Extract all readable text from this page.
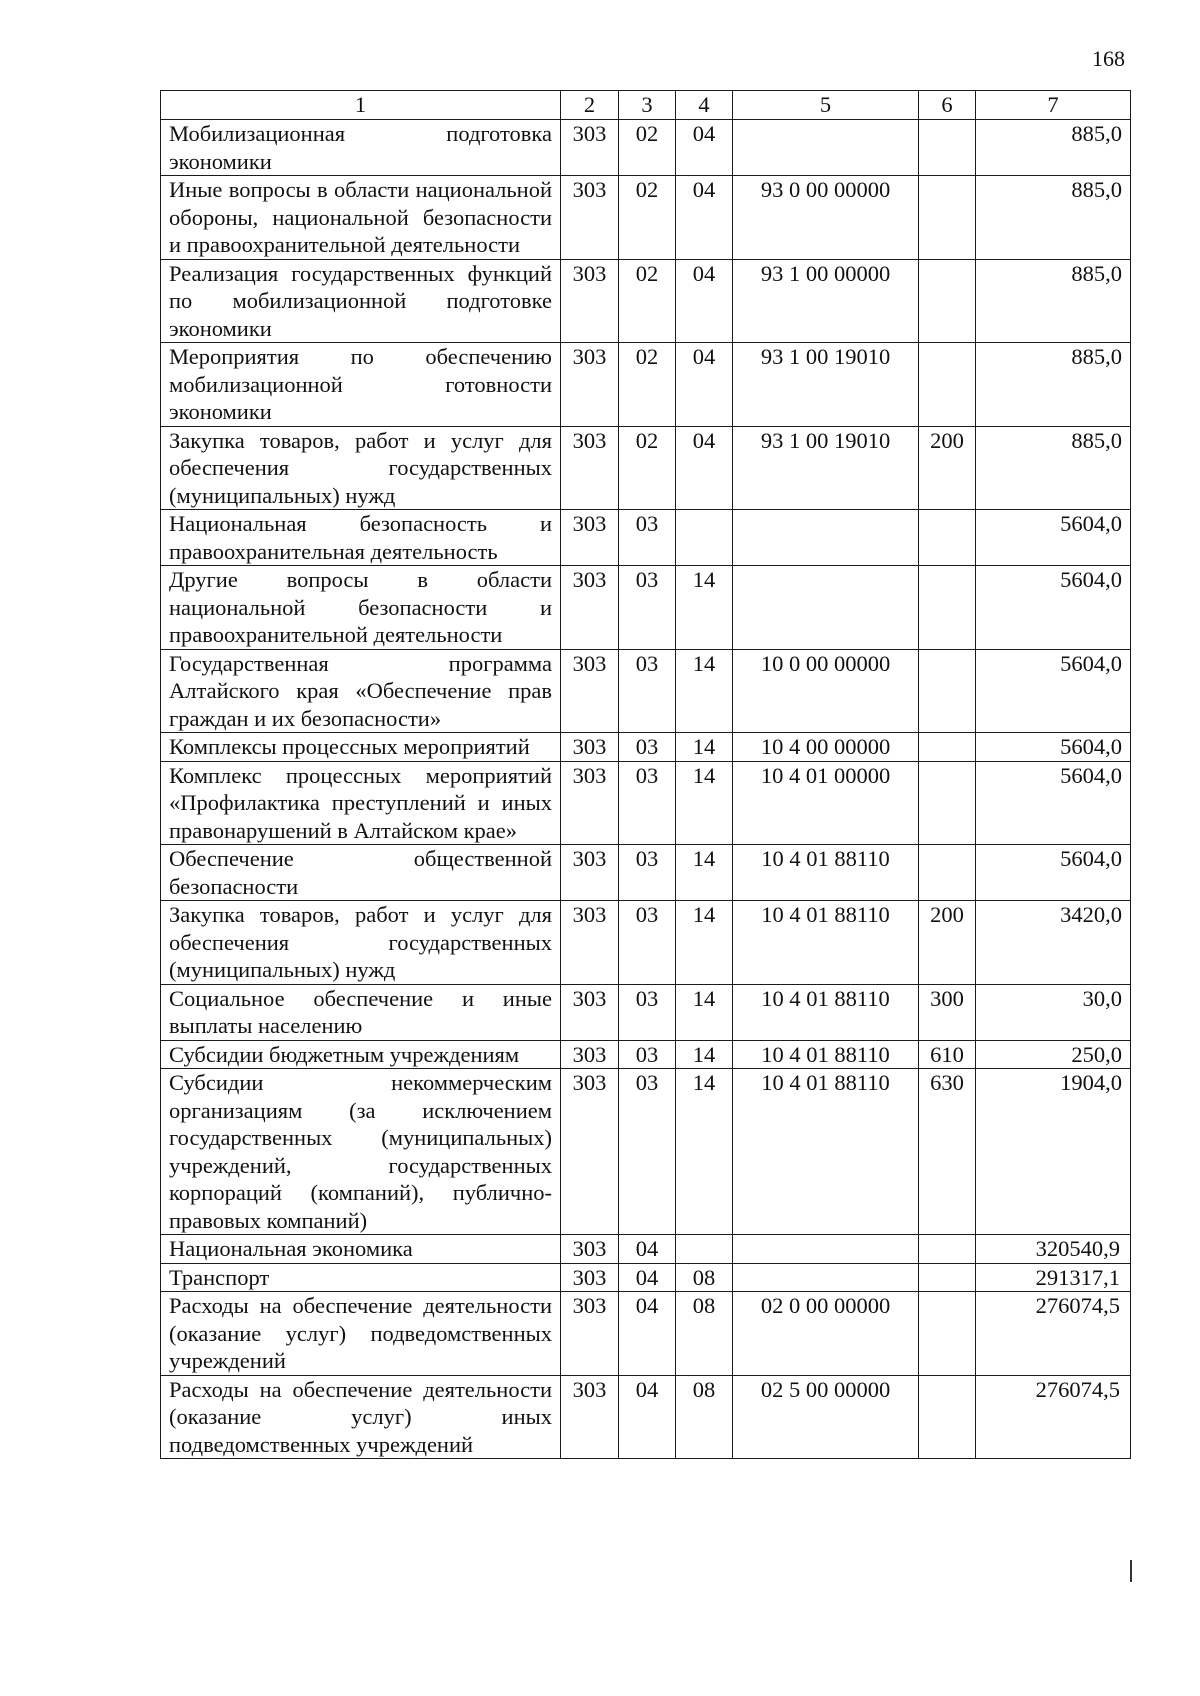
168
1	2	3	4	5	6	7
Мобилизационная подготовка экономики	303	02	04			885,0
Иные вопросы в области национальной обороны, национальной безопасности и правоохранительной деятельности	303	02	04	93 0 00 00000		885,0
Реализация государственных функций по мобилизационной подготовке экономики	303	02	04	93 1 00 00000		885,0
Мероприятия по обеспечению мобилизационной готовности экономики	303	02	04	93 1 00 19010		885,0
Закупка товаров, работ и услуг для обеспечения государственных (муниципальных) нужд	303	02	04	93 1 00 19010	200	885,0
Национальная безопасность и правоохранительная деятельность	303	03				5604,0
Другие вопросы в области национальной безопасности и правоохранительной деятельности	303	03	14			5604,0
Государственная программа Алтайского края «Обеспечение прав граждан и их безопасности»	303	03	14	10 0 00 00000		5604,0
Комплексы процессных мероприятий	303	03	14	10 4 00 00000		5604,0
Комплекс процессных мероприятий «Профилактика преступлений и иных правонарушений в Алтайском крае»	303	03	14	10 4 01 00000		5604,0
Обеспечение общественной безопасности	303	03	14	10 4 01 88110		5604,0
Закупка товаров, работ и услуг для обеспечения государственных (муниципальных) нужд	303	03	14	10 4 01 88110	200	3420,0
Социальное обеспечение и иные выплаты населению	303	03	14	10 4 01 88110	300	30,0
Субсидии бюджетным учреждениям	303	03	14	10 4 01 88110	610	250,0
Субсидии некоммерческим организациям (за исключением государственных (муниципальных) учреждений, государственных корпораций (компаний), публично-правовых компаний)	303	03	14	10 4 01 88110	630	1904,0
Национальная экономика	303	04				320540,9
Транспорт	303	04	08			291317,1
Расходы на обеспечение деятельности (оказание услуг) подведомственных учреждений	303	04	08	02 0 00 00000		276074,5
Расходы на обеспечение деятельности (оказание услуг) иных подведомственных учреждений	303	04	08	02 5 00 00000		276074,5
